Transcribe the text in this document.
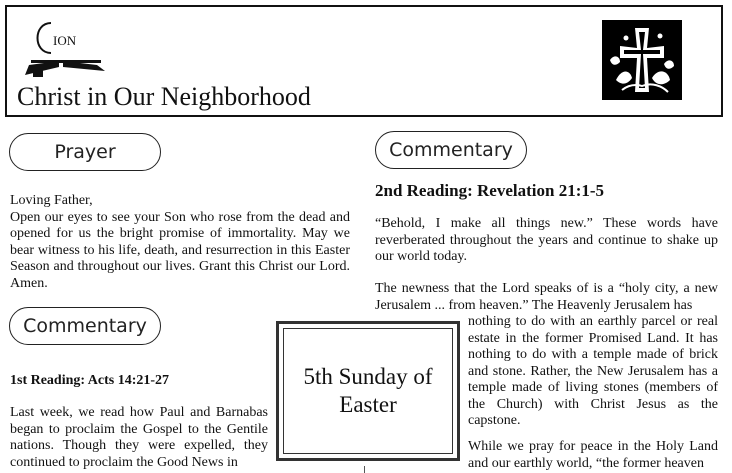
ION
Christ in Our Neighborhood
Prayer
Loving Father,
Open our eyes to see your Son who rose from the dead and opened for us the bright promise of immortality. May we bear witness to his life, death, and resurrection in this Easter Season and throughout our lives. Grant this Christ our Lord. Amen.
Commentary
1st Reading: Acts 14:21-27
Last week, we read how Paul and Barnabas began to proclaim the Gospel to the Gentile nations. Though they were expelled, they continued to proclaim the Good News in
Commentary
2nd Reading: Revelation 21:1-5
“Behold, I make all things new.” These words have reverberated throughout the years and continue to shake up our world today.
The newness that the Lord speaks of is a “holy city, a new Jerusalem ... from heaven.” The Heavenly Jerusalem has
nothing to do with an earthly parcel or real estate in the former Promised Land. It has nothing to do with a temple made of brick and stone. Rather, the New Jerusalem has a temple made of living stones (members of the Church) with Christ Jesus as the capstone.
While we pray for peace in the Holy Land and our earthly world, “the former heaven
5th Sunday of Easter
